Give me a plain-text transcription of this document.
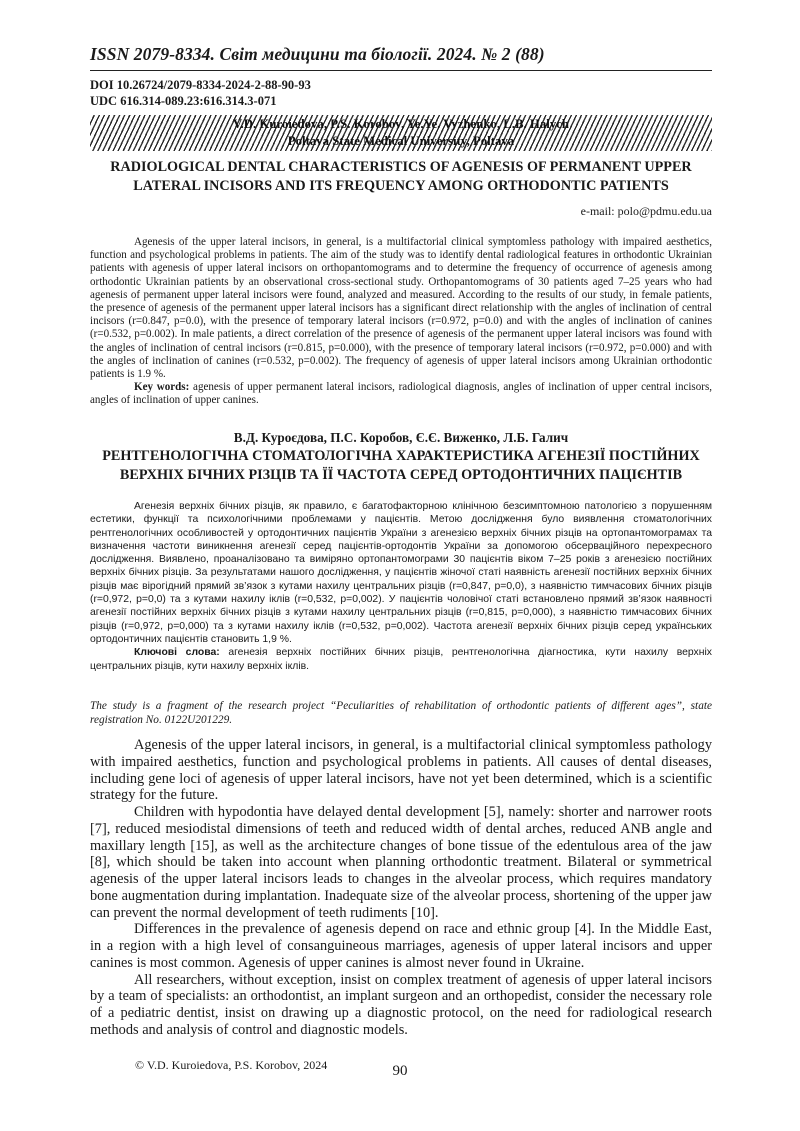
ISSN 2079-8334. Світ медицини та біології. 2024. № 2 (88)
DOI 10.26724/2079-8334-2024-2-88-90-93
UDC 616.314-089.23:616.314.3-071
V.D. Kuroiedova, P.S. Korobov, Ye.Ye. Vyzhenko, L.B. Halych
Poltava State Medical University, Poltava
RADIOLOGICAL DENTAL CHARACTERISTICS OF AGENESIS OF PERMANENT UPPER LATERAL INCISORS AND ITS FREQUENCY AMONG ORTHODONTIC PATIENTS
e-mail: polo@pdmu.edu.ua

Agenesis of the upper lateral incisors, in general, is a multifactorial clinical symptomless pathology with impaired aesthetics, function and psychological problems in patients. The aim of the study was to identify dental radiological features in orthodontic Ukrainian patients with agenesis of upper lateral incisors on orthopantomograms and to determine the frequency of occurrence of agenesis among orthodontic Ukrainian patients by an observational cross-sectional study. Orthopantomograms of 30 patients aged 7–25 years who had agenesis of permanent upper lateral incisors were found, analyzed and measured. According to the results of our study, in female patients, the presence of agenesis of the permanent upper lateral incisors has a significant direct relationship with the angles of inclination of central incisors (r=0.847, p=0.0), with the presence of temporary lateral incisors (r=0.972, p=0.0) and with the angles of inclination of canines (r=0.532, p=0.002). In male patients, a direct correlation of the presence of agenesis of the permanent upper lateral incisors was found with the angles of inclination of central incisors (r=0.815, p=0.000), with the presence of temporary lateral incisors (r=0.972, p=0.000) and with the angles of inclination of canines (r=0.532, p=0.002). The frequency of agenesis of upper lateral incisors among Ukrainian orthodontic patients is 1.9 %.

Key words: agenesis of upper permanent lateral incisors, radiological diagnosis, angles of inclination of upper central incisors, angles of inclination of upper canines.

В.Д. Куроєдова, П.С. Коробов, Є.Є. Виженко, Л.Б. Галич
РЕНТГЕНОЛОГІЧНА СТОМАТОЛОГІЧНА ХАРАКТЕРИСТИКА АГЕНЕЗІЇ ПОСТІЙНИХ ВЕРХНІХ БІЧНИХ РІЗЦІВ ТА ЇЇ ЧАСТОТА СЕРЕД ОРТОДОНТИЧНИХ ПАЦІЄНТІВ

Агенезія верхніх бічних різців, як правило, є багатофакторною клінічною безсимптомною патологією з порушенням естетики, функції та психологічними проблемами у пацієнтів. Метою дослідження було виявлення стоматологічних рентгенологічних особливостей у ортодонтичних пацієнтів України з агенезією верхніх бічних різців на ортопантомограмах та визначення частоти виникнення агенезії серед пацієнтів-ортодонтів України за допомогою обсерваційного перехресного дослідження. Виявлено, проаналізовано та виміряно ортопантомограми 30 пацієнтів віком 7–25 років з агенезією постійних верхніх бічних різців. За результатами нашого дослідження, у пацієнтів жіночої статі наявність агенезії постійних верхніх бічних різців має вірогідний прямий зв’язок з кутами нахилу центральних різців (r=0,847, p=0,0), з наявністю тимчасових бічних різців (r=0,972, p=0,0) та з кутами нахилу іклів (r=0,532, p=0,002). У пацієнтів чоловічої статі встановлено прямий зв’язок наявності агенезії постійних верхніх бічних різців з кутами нахилу центральних різців (r=0,815, p=0,000), з наявністю тимчасових бічних різців (r=0,972, p=0,000) та з кутами нахилу іклів (r=0,532, p=0,002). Частота агенезії верхніх бічних різців серед українських ортодонтичних пацієнтів становить 1,9 %.

Ключові слова: агенезія верхніх постійних бічних різців, рентгенологічна діагностика, кути нахилу верхніх центральних різців, кути нахилу верхніх іклів.

The study is a fragment of the research project “Peculiarities of rehabilitation of orthodontic patients of different ages”, state registration No. 0122U201229.

Agenesis of the upper lateral incisors, in general, is a multifactorial clinical symptomless pathology with impaired aesthetics, function and psychological problems in patients. All causes of dental diseases, including gene loci of agenesis of upper lateral incisors, have not yet been determined, which is a scientific strategy for the future.

Children with hypodontia have delayed dental development [5], namely: shorter and narrower roots [7], reduced mesiodistal dimensions of teeth and reduced width of dental arches, reduced ANB angle and maxillary length [15], as well as the architecture changes of bone tissue of the edentulous area of the jaw [8], which should be taken into account when planning orthodontic treatment. Bilateral or symmetrical agenesis of the upper lateral incisors leads to changes in the alveolar process, which requires mandatory bone augmentation during implantation. Inadequate size of the alveolar process, shortening of the upper jaw can prevent the normal development of teeth rudiments [10].

Differences in the prevalence of agenesis depend on race and ethnic group [4]. In the Middle East, in a region with a high level of consanguineous marriages, agenesis of upper lateral incisors and upper canines is most common. Agenesis of upper canines is almost never found in Ukraine.

All researchers, without exception, insist on complex treatment of agenesis of upper lateral incisors by a team of specialists: an orthodontist, an implant surgeon and an orthopedist, consider the necessary role of a pediatric dentist, insist on drawing up a diagnostic protocol, on the need for radiological research methods and analysis of control and diagnostic models.

© V.D. Kuroiedova, P.S. Korobov, 2024	90
